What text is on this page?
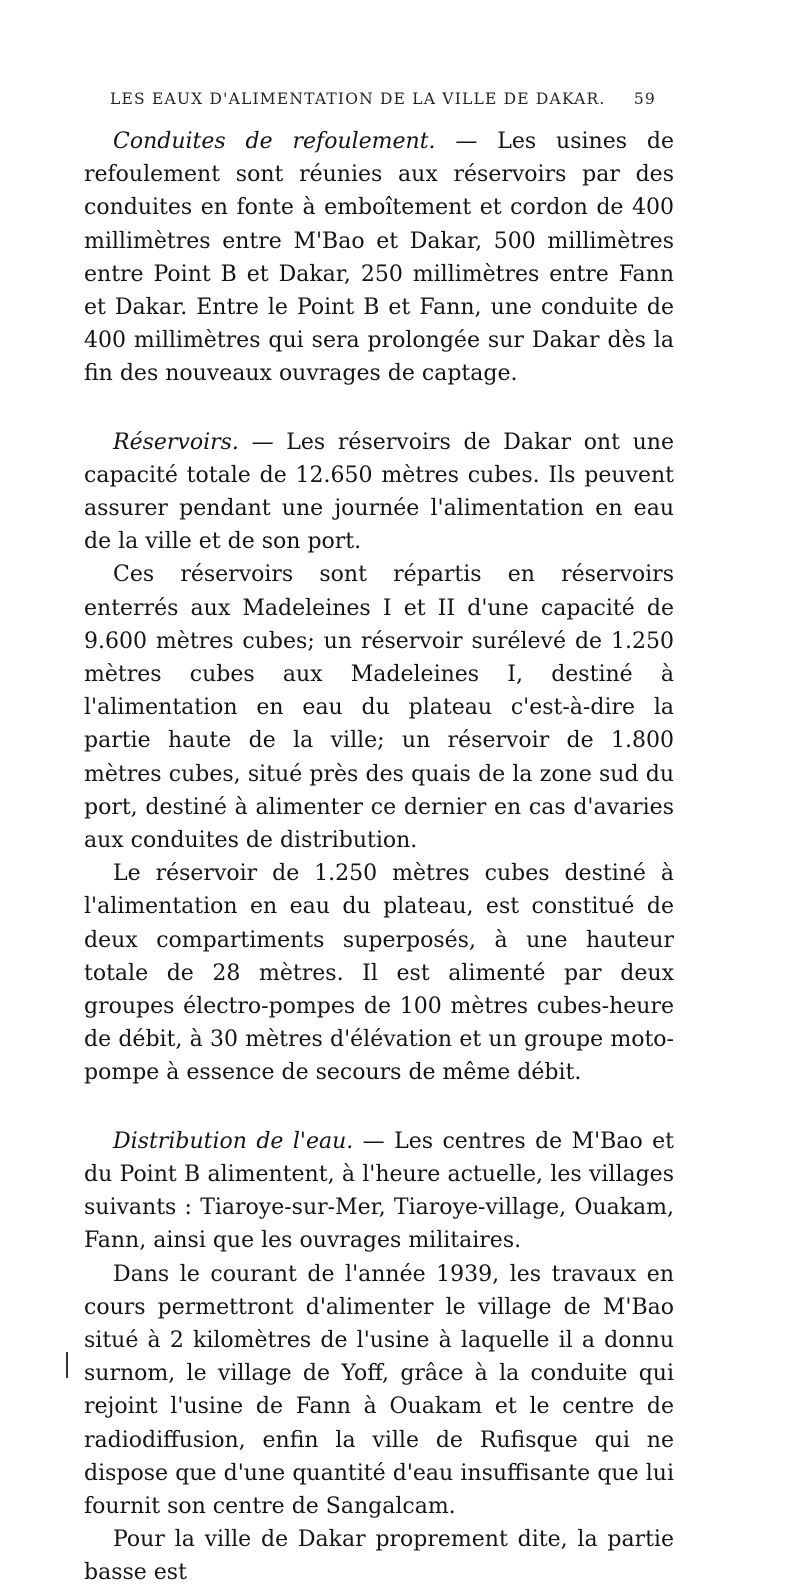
LES EAUX D'ALIMENTATION DE LA VILLE DE DAKAR. 59

Conduites de refoulement. — Les usines de refoulement sont réunies aux réservoirs par des conduites en fonte à emboîtement et cordon de 400 millimètres entre M'Bao et Dakar, 500 millimètres entre Point B et Dakar, 250 millimètres entre Fann et Dakar. Entre le Point B et Fann, une conduite de 400 millimètres qui sera prolongée sur Dakar dès la fin des nouveaux ouvrages de captage.

Réservoirs. — Les réservoirs de Dakar ont une capacité totale de 12.650 mètres cubes. Ils peuvent assurer pendant une journée l'alimentation en eau de la ville et de son port.

Ces réservoirs sont répartis en réservoirs enterrés aux Madeleines I et II d'une capacité de 9.600 mètres cubes; un réservoir surélevé de 1.250 mètres cubes aux Madeleines I, destiné à l'alimentation en eau du plateau c'est-à-dire la partie haute de la ville; un réservoir de 1.800 mètres cubes, situé près des quais de la zone sud du port, destiné à alimenter ce dernier en cas d'avaries aux conduites de distribution.

Le réservoir de 1.250 mètres cubes destiné à l'alimentation en eau du plateau, est constitué de deux compartiments superposés, à une hauteur totale de 28 mètres. Il est alimenté par deux groupes électro-pompes de 100 mètres cubes-heure de débit, à 30 mètres d'élévation et un groupe moto-pompe à essence de secours de même débit.

Distribution de l'eau. — Les centres de M'Bao et du Point B alimentent, à l'heure actuelle, les villages suivants : Tiaroye-sur-Mer, Tiaroye-village, Ouakam, Fann, ainsi que les ouvrages militaires.

Dans le courant de l'année 1939, les travaux en cours permettront d'alimenter le village de M'Bao situé à 2 kilomètres de l'usine à laquelle il a donnu surnom, le village de Yoff, grâce à la conduite qui rejoint l'usine de Fann à Ouakam et le centre de radiodiffusion, enfin la ville de Rufisque qui ne dispose que d'une quantité d'eau insuffisante que lui fournit son centre de Sangalcam.

Pour la ville de Dakar proprement dite, la partie basse est
